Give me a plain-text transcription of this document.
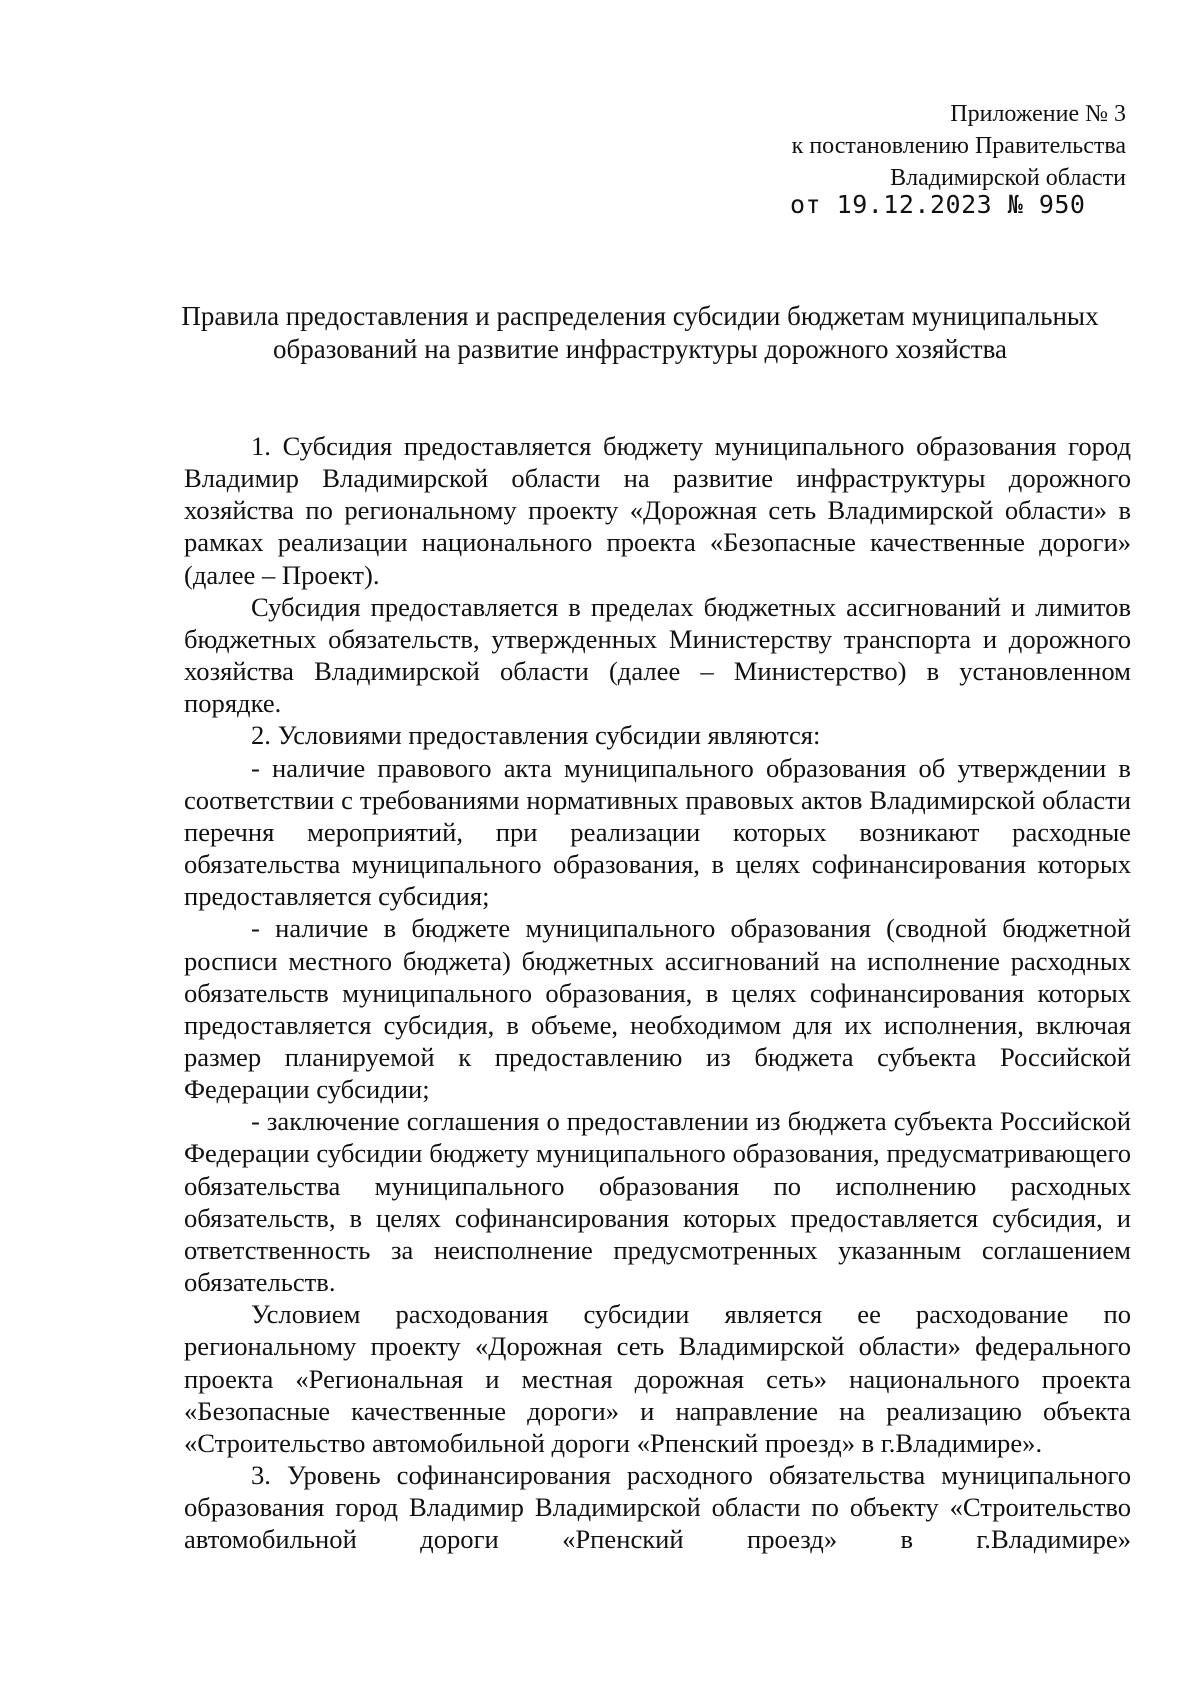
Приложение № 3
к постановлению Правительства
Владимирской области
от 19.12.2023 № 950
Правила предоставления и распределения субсидии бюджетам муниципальных
образований на развитие инфраструктуры дорожного хозяйства

1. Субсидия предоставляется бюджету муниципального образования город Владимир Владимирской области на развитие инфраструктуры дорожного хозяйства по региональному проекту «Дорожная сеть Владимирской области» в рамках реализации национального проекта «Безопасные качественные дороги» (далее – Проект).

Субсидия предоставляется в пределах бюджетных ассигнований и лимитов бюджетных обязательств, утвержденных Министерству транспорта и дорожного хозяйства Владимирской области (далее – Министерство) в установленном порядке.

2. Условиями предоставления субсидии являются:

- наличие правового акта муниципального образования об утверждении в соответствии с требованиями нормативных правовых актов Владимирской области перечня мероприятий, при реализации которых возникают расходные обязательства муниципального образования, в целях софинансирования которых предоставляется субсидия;

- наличие в бюджете муниципального образования (сводной бюджетной росписи местного бюджета) бюджетных ассигнований на исполнение расходных обязательств муниципального образования, в целях софинансирования которых предоставляется субсидия, в объеме, необходимом для их исполнения, включая размер планируемой к предоставлению из бюджета субъекта Российской Федерации субсидии;

- заключение соглашения о предоставлении из бюджета субъекта Российской Федерации субсидии бюджету муниципального образования, предусматривающего обязательства муниципального образования по исполнению расходных обязательств, в целях софинансирования которых предоставляется субсидия, и ответственность за неисполнение предусмотренных указанным соглашением обязательств.

Условием расходования субсидии является ее расходование по региональному проекту «Дорожная сеть Владимирской области» федерального проекта «Региональная и местная дорожная сеть» национального проекта «Безопасные качественные дороги» и направление на реализацию объекта «Строительство автомобильной дороги «Рпенский проезд» в г.Владимире».

3. Уровень софинансирования расходного обязательства муниципального образования город Владимир Владимирской области по объекту «Строительство автомобильной дороги «Рпенский проезд» в г.Владимире»
